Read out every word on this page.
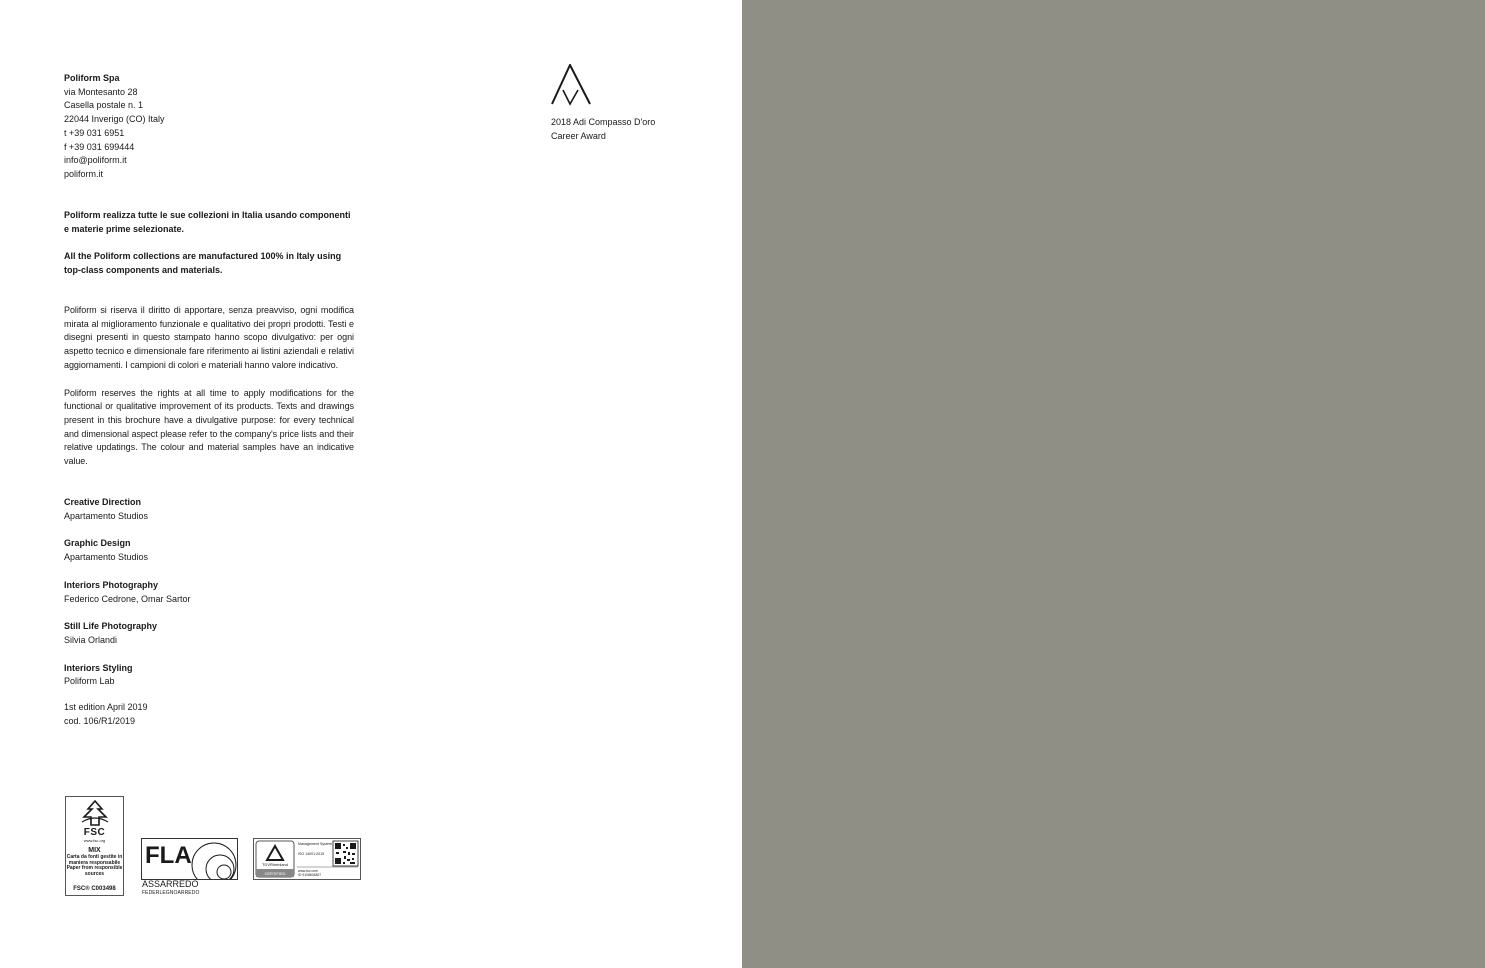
Poliform Spa

via Montesanto 28

Casella postale n. 1

22044 Inverigo (CO) Italy

t +39 031 6951

f +39 031 699444

info@poliform.it

poliform.it

Poliform realizza tutte le sue collezioni in Italia usando componenti e materie prime selezionate.

All the Poliform collections are manufactured 100% in Italy using top-class components and materials.

Poliform si riserva il diritto di apportare, senza preavviso, ogni modifica mirata al miglioramento funzionale e qualitativo dei propri prodotti. Testi e disegni presenti in questo stampato hanno scopo divulgativo: per ogni aspetto tecnico e dimensionale fare riferimento ai listini aziendali e relativi aggiornamenti. I campioni di colori e materiali hanno valore indicativo.

Poliform reserves the rights at all time to apply modifications for the functional or qualitative improvement of its products. Texts and drawings present in this brochure have a divulgative purpose: for every technical and dimensional aspect please refer to the company's price lists and their relative updatings. The colour and material samples have an indicative value.

Creative Direction

Apartamento Studios

Graphic Design

Apartamento Studios

Interiors Photography

Federico Cedrone, Omar Sartor

Still Life Photography

Silvia Orlandi

Interiors Styling

Poliform Lab

1st edition April 2019

cod. 106/R1/2019

2018 Adi Compasso D'oro

Career Award

FSC
www.fsc.org
MIX
Carta da fonti gestite in maniera responsabile
Paper from responsible sources
FSC® C003498
FLA
ASSARREDO
FEDERLEGNOARREDO
TÜVRheinland
CERTIFIED
Management System
ISO 14001:2015
www.tuv.com
ID 9108604807
